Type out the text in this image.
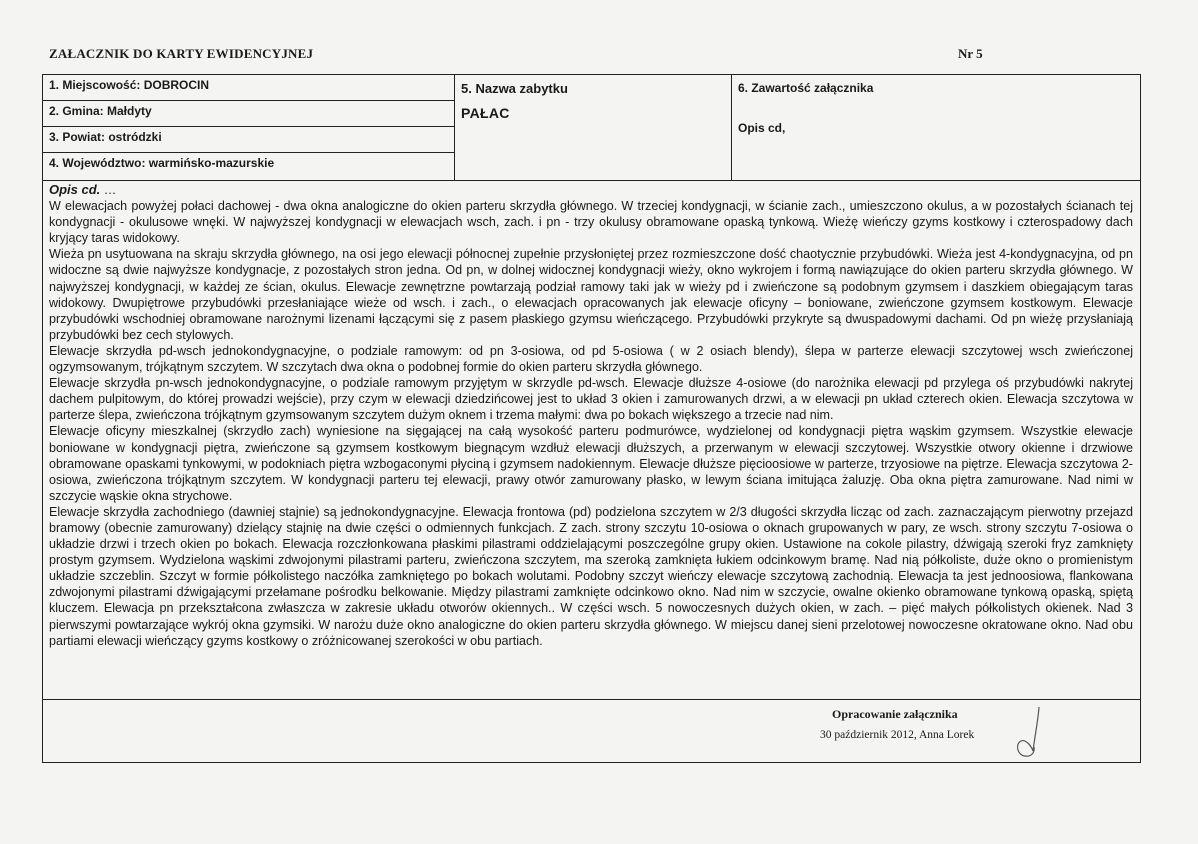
ZAŁACZNIK DO KARTY EWIDENCYJNEJ	Nr 5
1. Miejscowość: DOBROCIN
2. Gmina: Małdyty
3. Powiat: ostródzki
4. Województwo: warmińsko-mazurskie
5. Nazwa zabytku
PAŁAC
6. Zawartość załącznika
Opis cd,
Opis cd. …

W elewacjach powyżej połaci dachowej - dwa okna analogiczne do okien parteru skrzydła głównego. W trzeciej kondygnacji, w ścianie zach., umieszczono okulus, a w pozostałych ścianach tej kondygnacji - okulusowe wnęki. W najwyższej kondygnacji w elewacjach wsch, zach. i pn - trzy okulusy obramowane opaską tynkową. Wieżę wieńczy gzyms kostkowy i czterospadowy dach kryjący taras widokowy.

Wieża pn usytuowana na skraju skrzydła głównego, na osi jego elewacji północnej zupełnie przysłoniętej przez rozmieszczone dość chaotycznie przybudówki. Wieża jest 4-kondygnacyjna, od pn widoczne są dwie najwyższe kondygnacje, z pozostałych stron jedna. Od pn, w dolnej widocznej kondygnacji wieży, okno wykrojem i formą nawiązujące do okien parteru skrzydła głównego. W najwyższej kondygnacji, w każdej ze ścian, okulus. Elewacje zewnętrzne powtarzają podział ramowy taki jak w wieży pd i zwieńczone są podobnym gzymsem i daszkiem obiegającym taras widokowy. Dwupiętrowe przybudówki przesłaniające wieże od wsch. i zach., o elewacjach opracowanych jak elewacje oficyny – boniowane, zwieńczone gzymsem kostkowym. Elewacje przybudówki wschodniej obramowane narożnymi lizenami łączącymi się z pasem płaskiego gzymsu wieńczącego. Przybudówki przykryte są dwuspadowymi dachami. Od pn wieżę przysłaniają przybudówki bez cech stylowych.

Elewacje skrzydła pd-wsch jednokondygnacyjne, o podziale ramowym: od pn 3-osiowa, od pd 5-osiowa ( w 2 osiach blendy), ślepa w parterze elewacji szczytowej wsch zwieńczonej ogzymsowanym, trójkątnym szczytem. W szczytach dwa okna o podobnej formie do okien parteru skrzydła głównego.

Elewacje skrzydła pn-wsch jednokondygnacyjne, o podziale ramowym przyjętym w skrzydle pd-wsch. Elewacje dłuższe 4-osiowe (do narożnika elewacji pd przylega oś przybudówki nakrytej dachem pulpitowym, do której prowadzi wejście), przy czym w elewacji dziedzińcowej jest to układ 3 okien i zamurowanych drzwi, a w elewacji pn układ czterech okien. Elewacja szczytowa w parterze ślepa, zwieńczona trójkątnym gzymsowanym szczytem dużym oknem i trzema małymi: dwa po bokach większego a trzecie nad nim.

Elewacje oficyny mieszkalnej (skrzydło zach) wyniesione na sięgającej na całą wysokość parteru podmurówce, wydzielonej od kondygnacji piętra wąskim gzymsem. Wszystkie elewacje boniowane w kondygnacji piętra, zwieńczone są gzymsem kostkowym biegnącym wzdłuż elewacji dłuższych, a przerwanym w elewacji szczytowej. Wszystkie otwory okienne i drzwiowe obramowane opaskami tynkowymi, w podokniach piętra wzbogaconymi płyciną i gzymsem nadokiennym. Elewacje dłuższe pięcioosiowe w parterze, trzyosiowe na piętrze. Elewacja szczytowa 2-osiowa, zwieńczona trójkątnym szczytem. W kondygnacji parteru tej elewacji, prawy otwór zamurowany płasko, w lewym ściana imitująca żaluzję. Oba okna piętra zamurowane. Nad nimi w szczycie wąskie okna strychowe.

Elewacje skrzydła zachodniego (dawniej stajnie) są jednokondygnacyjne. Elewacja frontowa (pd) podzielona szczytem w 2/3 długości skrzydła licząc od zach. zaznaczającym pierwotny przejazd bramowy (obecnie zamurowany) dzielący stajnię na dwie części o odmiennych funkcjach. Z zach. strony szczytu 10-osiowa o oknach grupowanych w pary, ze wsch. strony szczytu 7-osiowa o układzie drzwi i trzech okien po bokach. Elewacja rozczłonkowana płaskimi pilastrami oddzielającymi poszczególne grupy okien. Ustawione na cokole pilastry, dźwigają szeroki fryz zamknięty prostym gzymsem. Wydzielona wąskimi zdwojonymi pilastrami parteru, zwieńczona szczytem, ma szeroką zamknięta łukiem odcinkowym bramę. Nad nią półkoliste, duże okno o promienistym układzie szczeblin. Szczyt w formie półkolistego naczółka zamkniętego po bokach wolutami. Podobny szczyt wieńczy elewacje szczytową zachodnią. Elewacja ta jest jednoosiowa, flankowana zdwojonymi pilastrami dźwigającymi przełamane pośrodku belkowanie. Między pilastrami zamknięte odcinkowo okno. Nad nim w szczycie, owalne okienko obramowane tynkową opaską, spiętą kluczem. Elewacja pn przekształcona zwłaszcza w zakresie układu otworów okiennych.. W części wsch. 5 nowoczesnych dużych okien, w zach. – pięć małych półkolistych okienek. Nad 3 pierwszymi powtarzające wykrój okna gzymsiki. W narożu duże okno analogiczne do okien parteru skrzydła głównego. W miejscu danej sieni przelotowej nowoczesne okratowane okno. Nad obu partiami elewacji wieńczący gzyms kostkowy o zróżnicowanej szerokości w obu partiach.

Opracowanie załącznika
30 październik 2012, Anna Lorek
